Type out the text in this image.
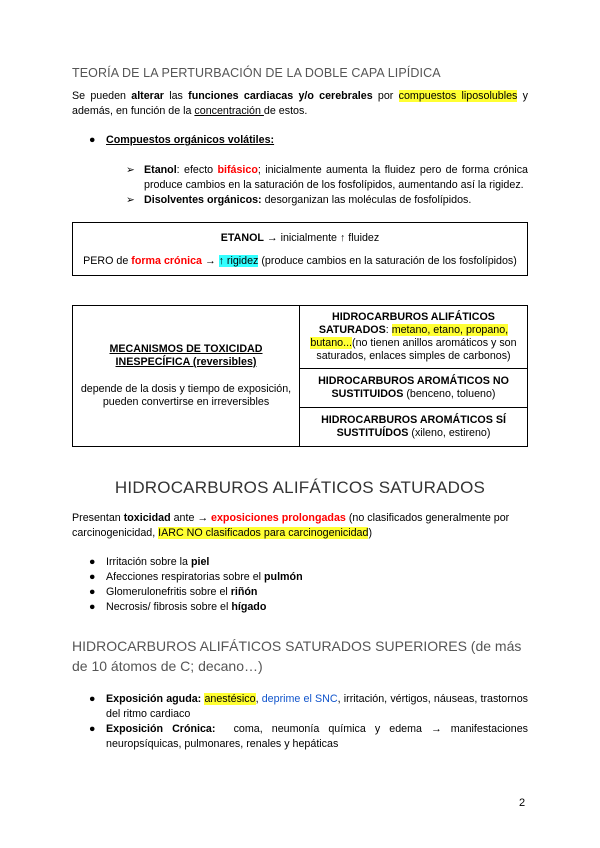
TEORÍA DE LA PERTURBACIÓN DE LA DOBLE CAPA LIPÍDICA

Se pueden alterar las funciones cardiacas y/o cerebrales por compuestos liposolubles y además, en función de la concentración de estos.

● Compuestos orgánicos volátiles:
➢ Etanol: efecto bifásico; inicialmente aumenta la fluidez pero de forma crónica produce cambios en la saturación de los fosfolípidos, aumentando así la rigidez.
➢ Disolventes orgánicos: desorganizan las moléculas de fosfolípidos.
ETANOL → inicialmente ↑ fluidez
PERO de forma crónica → ↑ rigidez (produce cambios en la saturación de los fosfolípidos)
MECANISMOS DE TOXICIDAD INESPECÍFICA (reversibles)
depende de la dosis y tiempo de exposición, pueden convertirse en irreversibles
	HIDROCARBUROS ALIFÁTICOS SATURADOS: metano, etano, propano, butano...(no tienen anillos aromáticos y son saturados, enlaces simples de carbonos)
HIDROCARBUROS AROMÁTICOS NO SUSTITUIDOS (benceno, tolueno)
HIDROCARBUROS AROMÁTICOS SÍ SUSTITUÍDOS (xileno, estireno)
HIDROCARBUROS ALIFÁTICOS SATURADOS

Presentan toxicidad ante → exposiciones prolongadas (no clasificados generalmente por carcinogenicidad, IARC NO clasificados para carcinogenicidad)

● Irritación sobre la piel
● Afecciones respiratorias sobre el pulmón
● Glomerulonefritis sobre el riñón
● Necrosis/ fibrosis sobre el hígado
HIDROCARBUROS ALIFÁTICOS SATURADOS SUPERIORES (de más de 10 átomos de C; decano…)
● Exposición aguda: anestésico, deprime el SNC, irritación, vértigos, náuseas, trastornos del ritmo cardiaco
● Exposición Crónica:  coma, neumonía química y edema → manifestaciones neuropsíquicas, pulmonares, renales y hepáticas
2
